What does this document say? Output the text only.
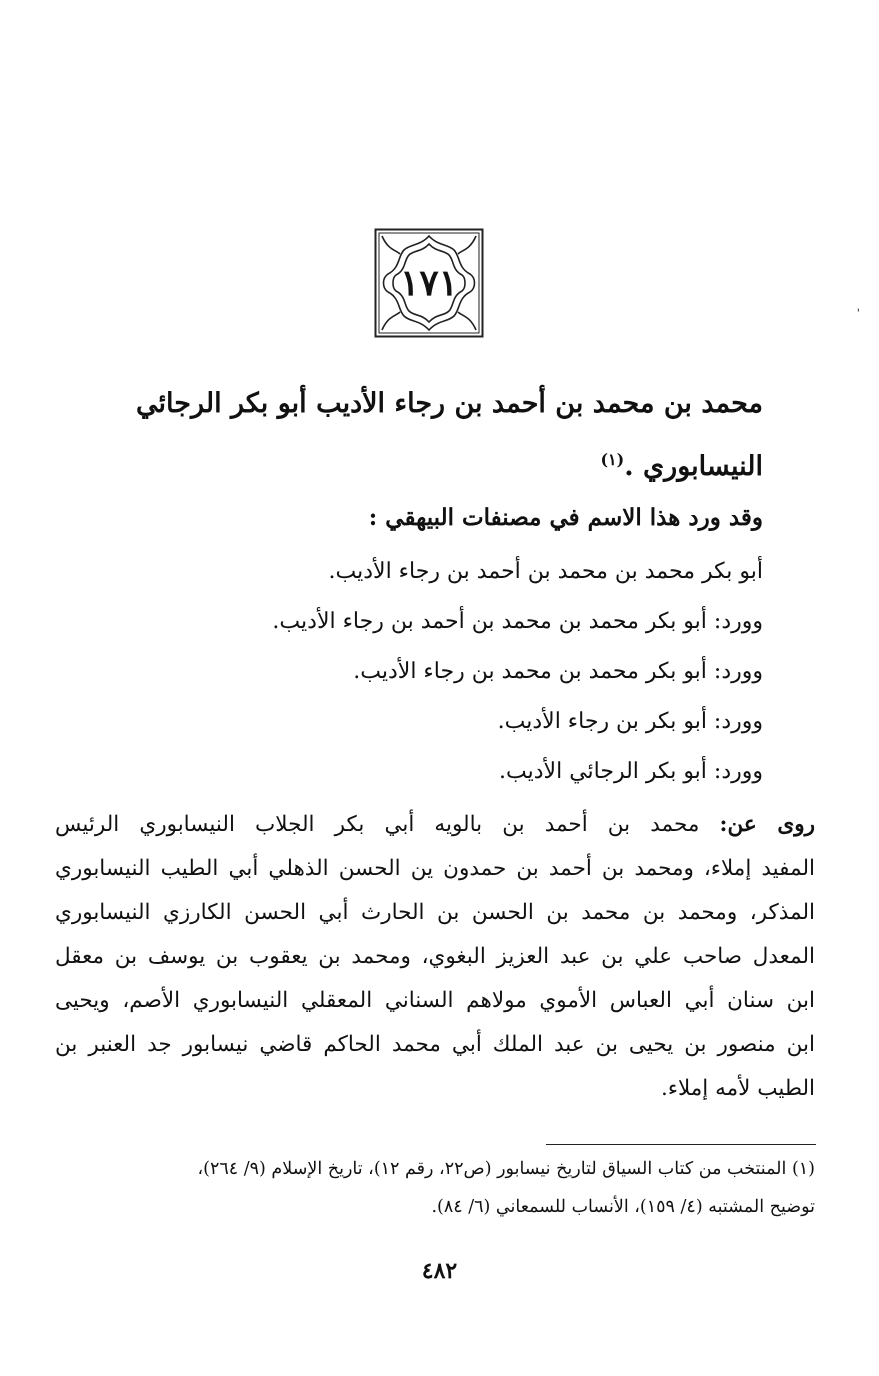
١٧١
محمد بن محمد بن أحمد بن رجاء الأديب أبو بكر الرجائي
النيسابوري .$^{(١)}$
وقد ورد هذا الاسم في مصنفات البيهقي :
أبو بكر محمد بن محمد بن أحمد بن رجاء الأديب.
وورد: أبو بكر محمد بن محمد بن أحمد بن رجاء الأديب.
وورد: أبو بكر محمد بن محمد بن رجاء الأديب.
وورد: أبو بكر بن رجاء الأديب.
وورد: أبو بكر الرجائي الأديب.
روى عن: محمد بن أحمد بن بالويه أبي بكر الجلاب النيسابوري الرئيس
المفيد إملاء، ومحمد بن أحمد بن حمدون ين الحسن الذهلي أبي الطيب النيسابوري
المذكر، ومحمد بن محمد بن الحسن بن الحارث أبي الحسن الكارزي النيسابوري
المعدل صاحب علي بن عبد العزيز البغوي، ومحمد بن يعقوب بن يوسف بن معقل
ابن سنان أبي العباس الأموي مولاهم السناني المعقلي النيسابوري الأصم، ويحيى
ابن منصور بن يحيى بن عبد الملك أبي محمد الحاكم قاضي نيسابور جد العنبر بن
الطيب لأمه إملاء.
(١) المنتخب من كتاب السياق لتاريخ نيسابور (ص٢٢، رقم ١٢)، تاريخ الإسلام (٩/ ٢٦٤)،
توضيح المشتبه (٤/ ١٥٩)، الأنساب للسمعاني (٦/ ٨٤).
٤٨٢
